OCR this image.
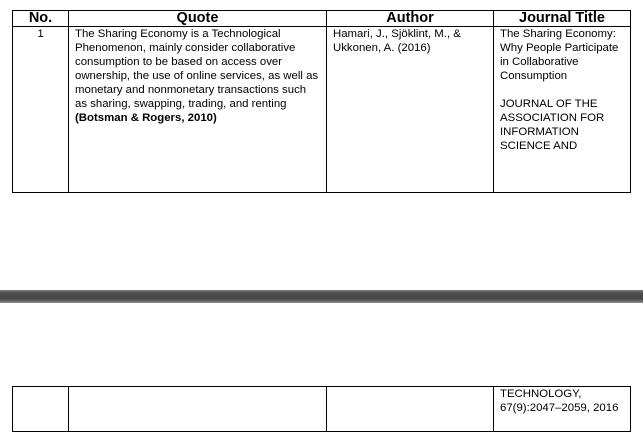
No.	Quote	Author	Journal Title
1	The Sharing Economy is a Technological Phenomenon, mainly consider collaborative consumption to be based on access over ownership, the use of online services, as well as monetary and nonmonetary transactions such as sharing, swapping, trading, and renting (Botsman & Rogers, 2010)	Hamari, J., Sjöklint, M., & Ukkonen, A. (2016)	The Sharing Economy: Why People Participate in Collaborative Consumption
JOURNAL OF THE ASSOCIATION FOR INFORMATION SCIENCE AND
			TECHNOLOGY, 67(9):2047–2059, 2016
